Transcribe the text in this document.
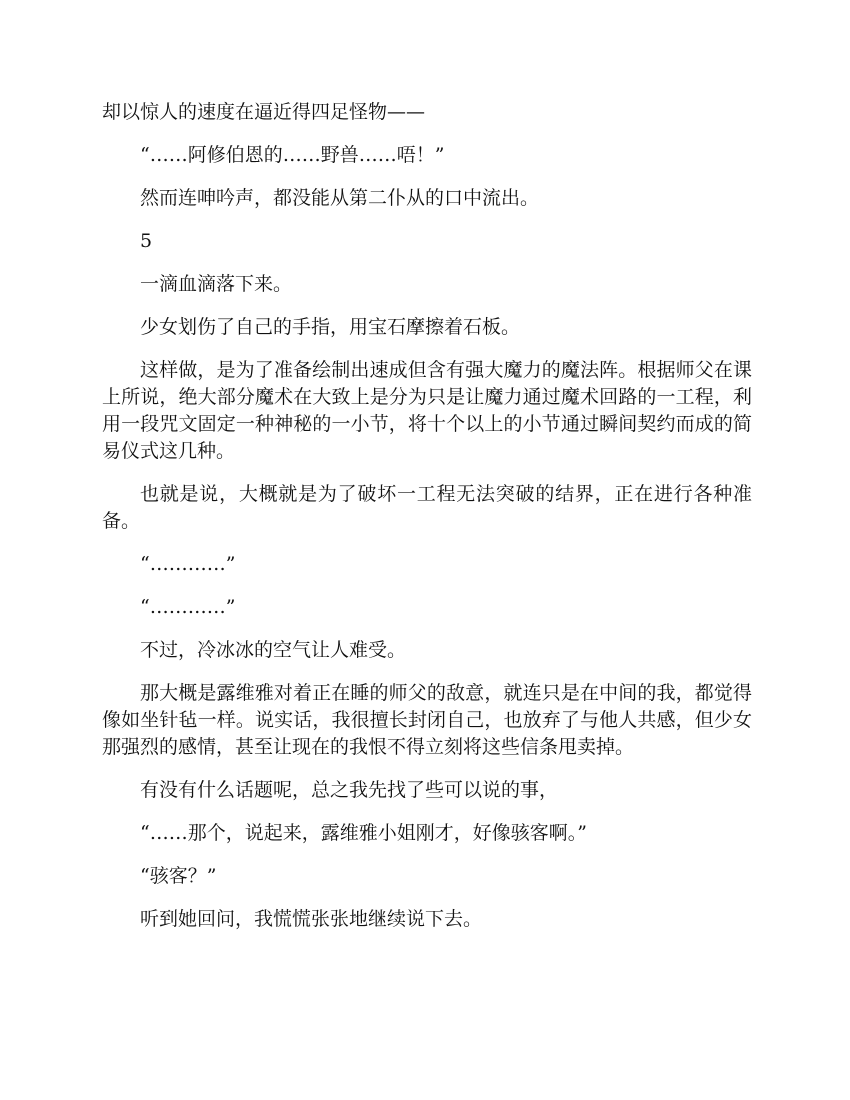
却以惊人的速度在逼近得四足怪物——

“……阿修伯恩的……野兽……唔！”

然而连呻吟声，都没能从第二仆从的口中流出。

5

一滴血滴落下来。

少女划伤了自己的手指，用宝石摩擦着石板。

这样做，是为了准备绘制出速成但含有强大魔力的魔法阵。根据师父在课上所说，绝大部分魔术在大致上是分为只是让魔力通过魔术回路的一工程，利用一段咒文固定一种神秘的一小节，将十个以上的小节通过瞬间契约而成的简易仪式这几种。

也就是说，大概就是为了破坏一工程无法突破的结界，正在进行各种准备。

“…………”

“…………”

不过，冷冰冰的空气让人难受。

那大概是露维雅对着正在睡的师父的敌意，就连只是在中间的我，都觉得像如坐针毡一样。说实话，我很擅长封闭自己，也放弃了与他人共感，但少女那强烈的感情，甚至让现在的我恨不得立刻将这些信条甩卖掉。

有没有什么话题呢，总之我先找了些可以说的事，

“……那个，说起来，露维雅小姐刚才，好像骇客啊。”

“骇客？”

听到她回问，我慌慌张张地继续说下去。
